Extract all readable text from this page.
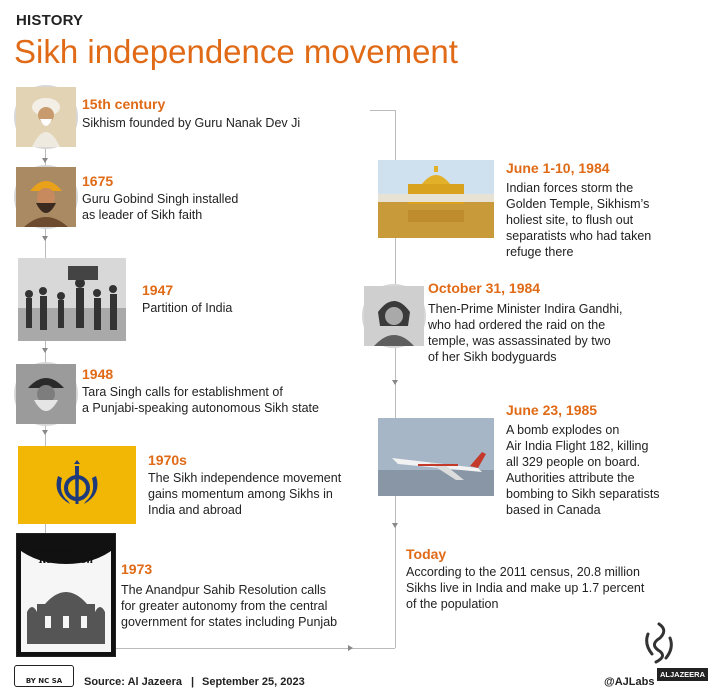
HISTORY
Sikh independence movement
15th century
Sikhism founded by Guru Nanak Dev Ji
1675
Guru Gobind Singh installed
as leader of Sikh faith
1947
Partition of India
1948
Tara Singh calls for establishment of
a Punjabi-speaking autonomous Sikh state
1970s
The Sikh independence movement
gains momentum among Sikhs in
India and abroad
Anandpur Sahib
Resolution	1973
The Anandpur Sahib Resolution calls
for greater autonomy from the central
government for states including Punjab
June 1-10, 1984
Indian forces storm the
Golden Temple, Sikhism’s
holiest site, to flush out
separatists who had taken
refuge there
October 31, 1984
Then-Prime Minister Indira Gandhi,
who had ordered the raid on the
temple, was assassinated by two
of her Sikh bodyguards
June 23, 1985
A bomb explodes on
Air India Flight 182, killing
all 329 people on board.
Authorities attribute the
bombing to Sikh separatists
based in Canada
Today
According to the 2011 census, 20.8 million
Sikhs live in India and make up 1.7 percent
of the population
BY NC SA Source: Al Jazeera | September 25, 2023	@AJLabs
ALJAZEERA
